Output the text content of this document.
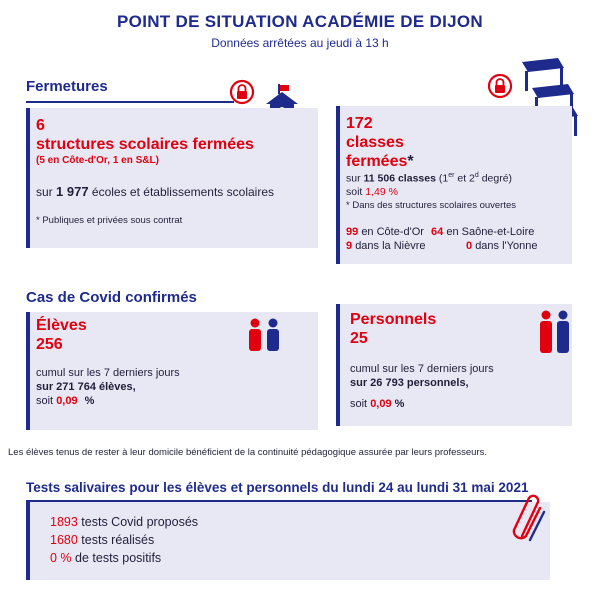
POINT DE SITUATION ACADÉMIE DE DIJON
Données arrêtées au jeudi à 13 h
Fermetures
6
structures scolaires fermées
(5 en Côte-d'Or, 1 en S&L)
sur 1 977 écoles et établissements scolaires
* Publiques et privées sous contrat
172
classes
fermées*
sur 11 506 classes (1er et 2$^d$ degré)
soit 1,49 %
* Dans des structures scolaires ouvertes
99 en Côte-d'Or 64 en Saône-et-Loire
9 dans la Nièvre	0 dans l'Yonne
Cas de Covid confirmés
Élèves
256
cumul sur les 7 derniers jours
sur 271 764 élèves,
soit 0,09 %
Personnels
25
cumul sur les 7 derniers jours
sur 26 793 personnels,
soit 0,09 %
Les élèves tenus de rester à leur domicile bénéficient de la continuité pédagogique assurée par leurs professeurs.
Tests salivaires pour les élèves et personnels du lundi 24 au lundi 31 mai 2021
1893 tests Covid proposés
1680 tests réalisés
0 % de tests positifs
